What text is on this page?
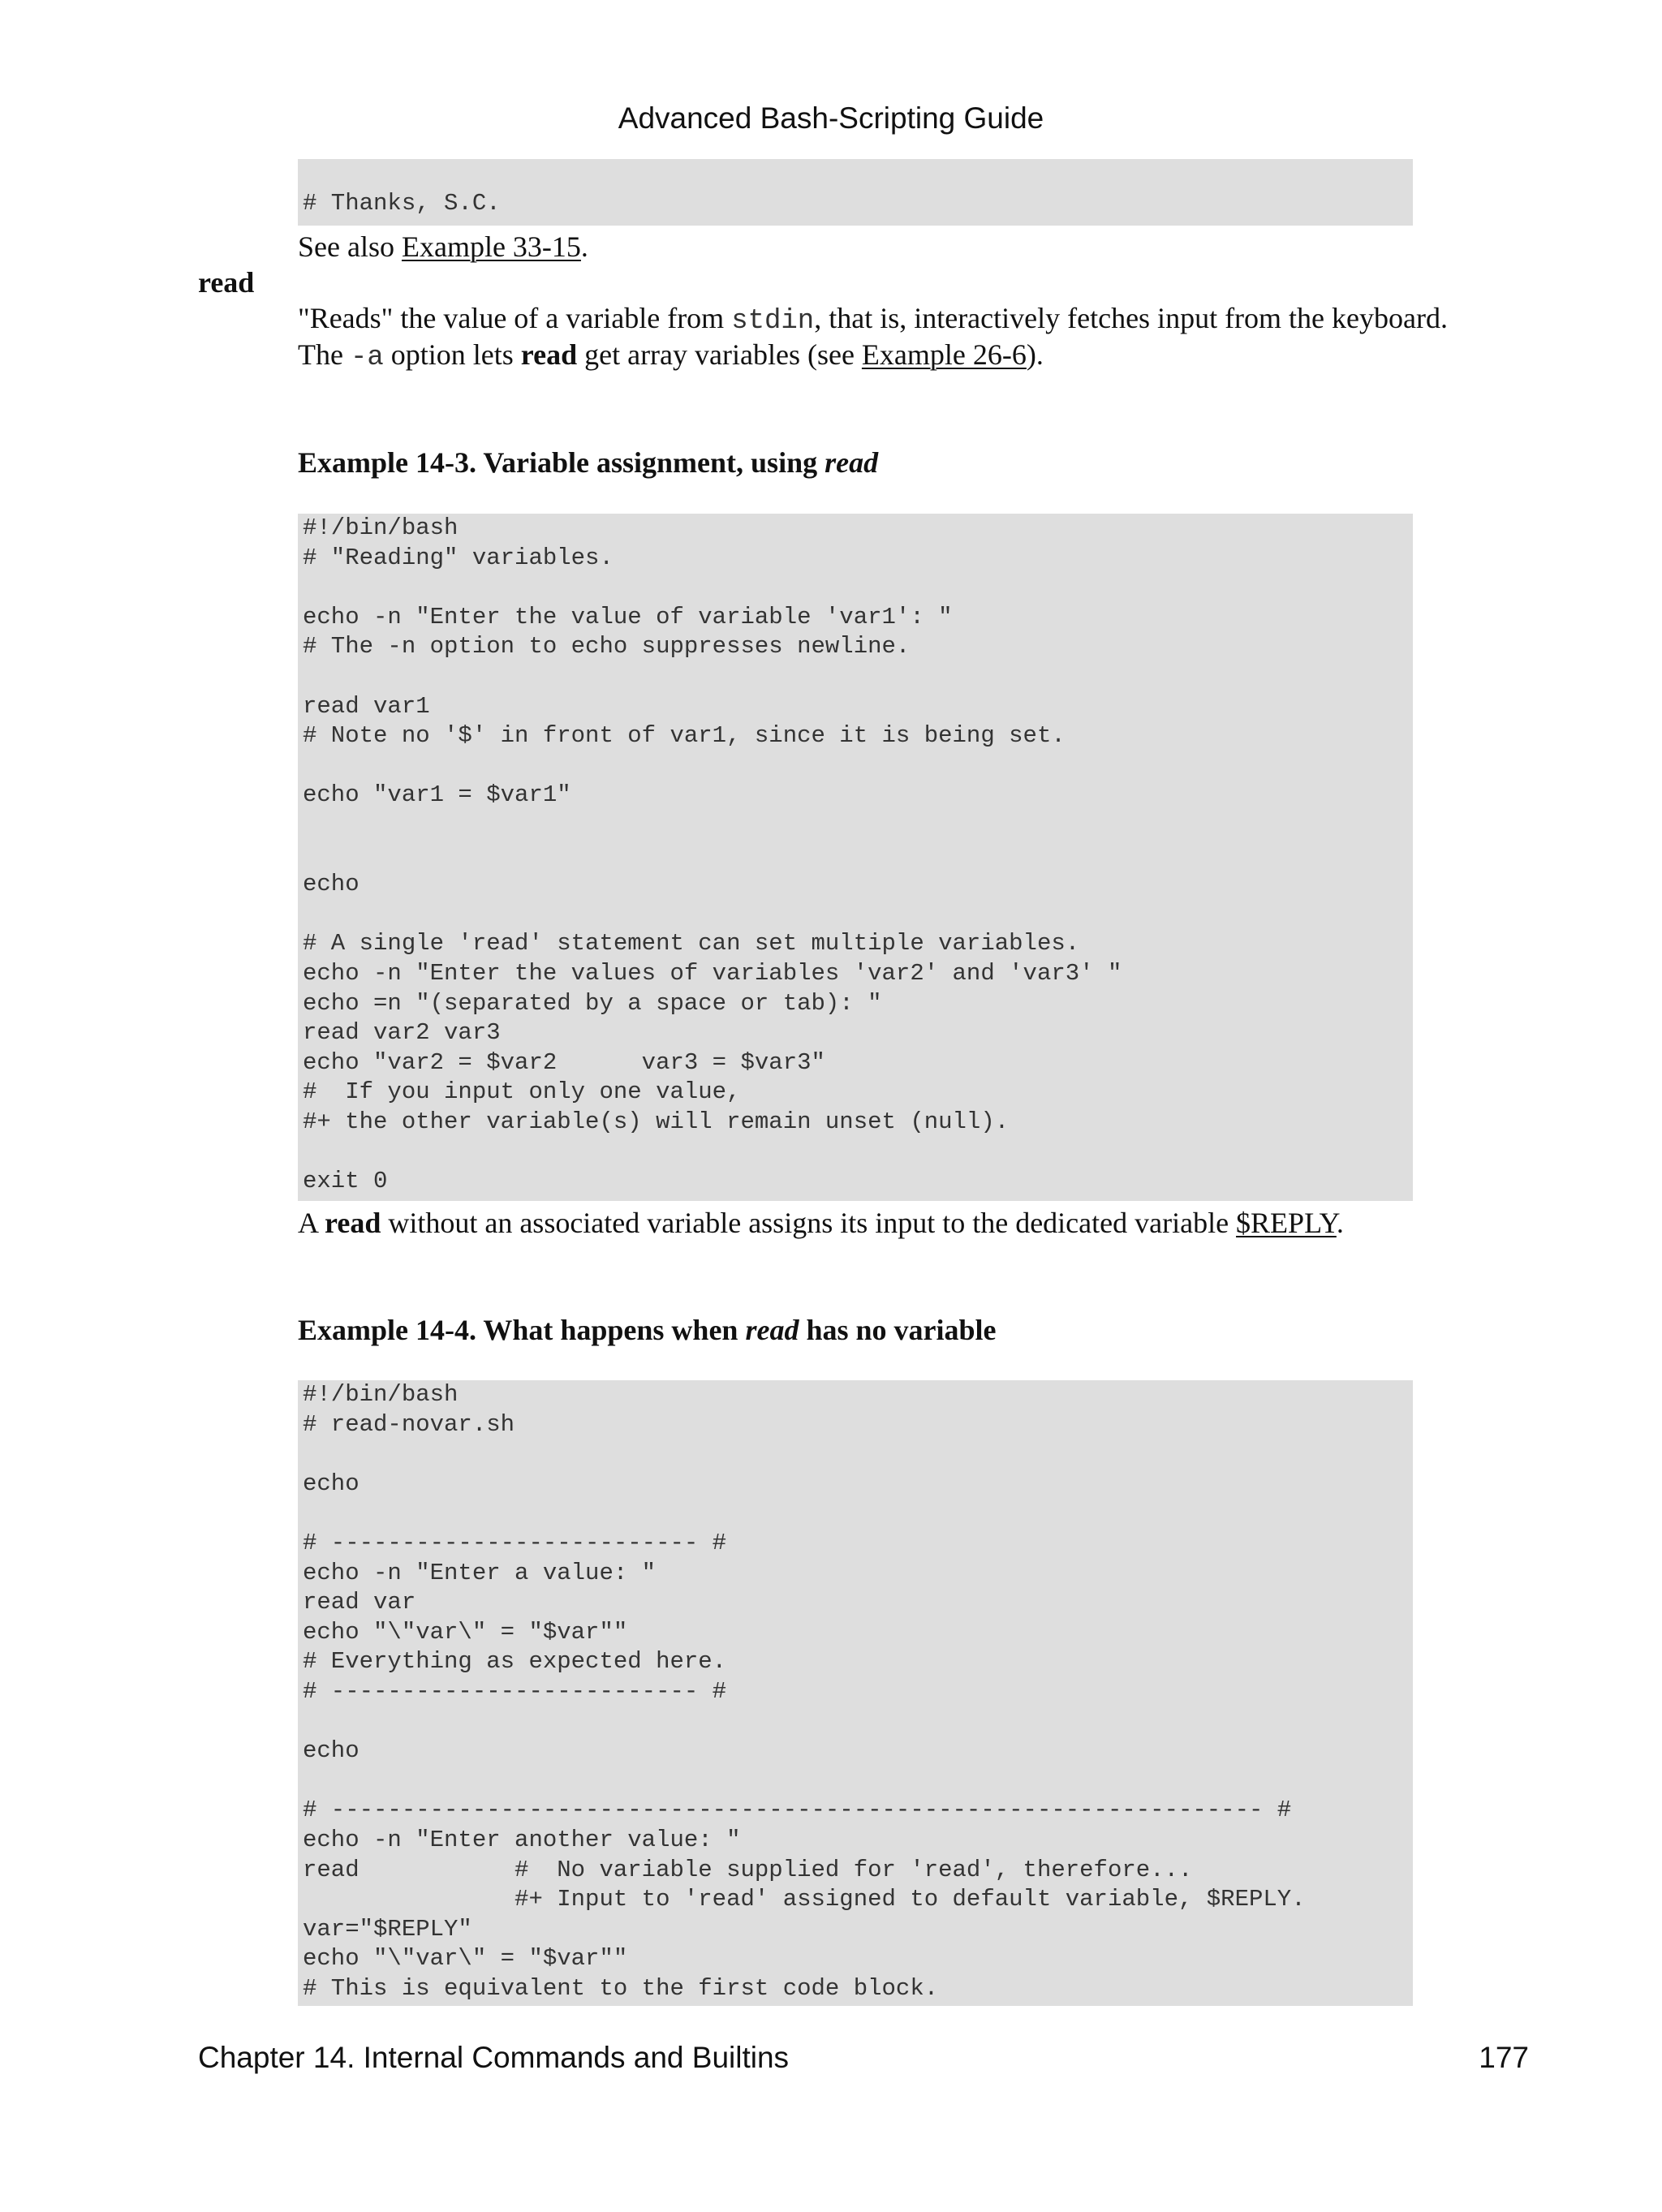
Advanced Bash-Scripting Guide

# Thanks, S.C.
See also Example 33-15.
read
"Reads" the value of a variable from stdin, that is, interactively fetches input from the keyboard.
The -a option lets read get array variables (see Example 26-6).
Example 14-3. Variable assignment, using read
#!/bin/bash
# "Reading" variables.

echo -n "Enter the value of variable 'var1': "
# The -n option to echo suppresses newline.

read var1
# Note no '$' in front of var1, since it is being set.

echo "var1 = $var1"

echo

# A single 'read' statement can set multiple variables.
echo -n "Enter the values of variables 'var2' and 'var3' "
echo =n "(separated by a space or tab): "
read var2 var3
echo "var2 = $var2      var3 = $var3"
#  If you input only one value,
#+ the other variable(s) will remain unset (null).

exit 0
A read without an associated variable assigns its input to the dedicated variable $REPLY.
Example 14-4. What happens when read has no variable
#!/bin/bash
# read-novar.sh

echo

# -------------------------- #
echo -n "Enter a value: "
read var
echo "\"var\" = "$var""
# Everything as expected here.
# -------------------------- #

echo

# ------------------------------------------------------------------ #
echo -n "Enter another value: "
read           #  No variable supplied for 'read', therefore...
#+ Input to 'read' assigned to default variable, $REPLY.
var="$REPLY"
echo "\"var\" = "$var""
# This is equivalent to the first code block.
Chapter 14. Internal Commands and Builtins	177
